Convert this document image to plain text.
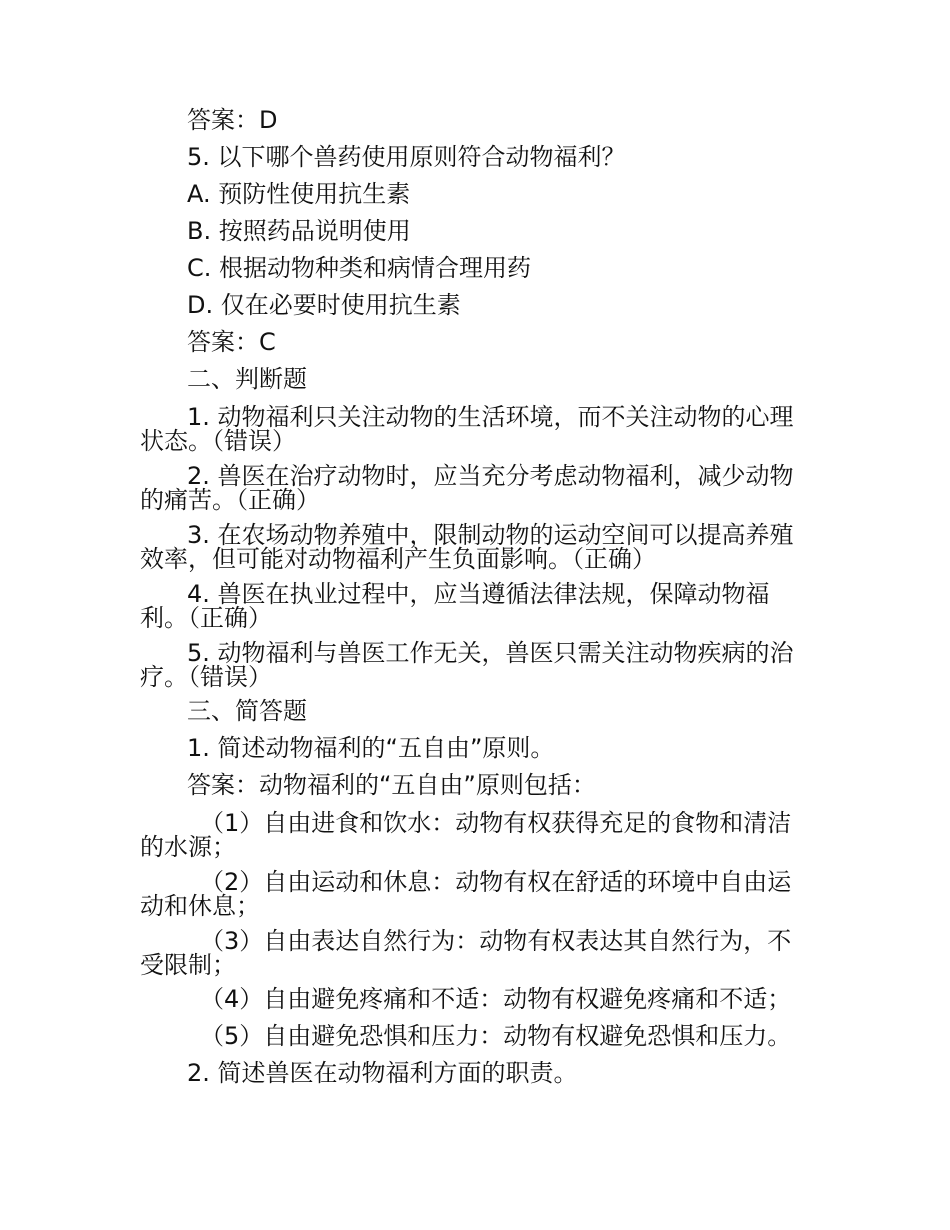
答案：D
5. 以下哪个兽药使用原则符合动物福利？
A. 预防性使用抗生素
B. 按照药品说明使用
C. 根据动物种类和病情合理用药
D. 仅在必要时使用抗生素
答案：C
二、判断题

1. 动物福利只关注动物的生活环境，而不关注动物的心理状态。（错误）

2. 兽医在治疗动物时，应当充分考虑动物福利，减少动物的痛苦。（正确）

3. 在农场动物养殖中，限制动物的运动空间可以提高养殖效率，但可能对动物福利产生负面影响。（正确）

4. 兽医在执业过程中，应当遵循法律法规，保障动物福利。（正确）

5. 动物福利与兽医工作无关，兽医只需关注动物疾病的治疗。（错误）

三、简答题
1. 简述动物福利的“五自由”原则。
答案：动物福利的“五自由”原则包括：

（1）自由进食和饮水：动物有权获得充足的食物和清洁的水源；

（2）自由运动和休息：动物有权在舒适的环境中自由运动和休息；

（3）自由表达自然行为：动物有权表达其自然行为，不受限制；

（4）自由避免疼痛和不适：动物有权避免疼痛和不适；
（5）自由避免恐惧和压力：动物有权避免恐惧和压力。
2. 简述兽医在动物福利方面的职责。
